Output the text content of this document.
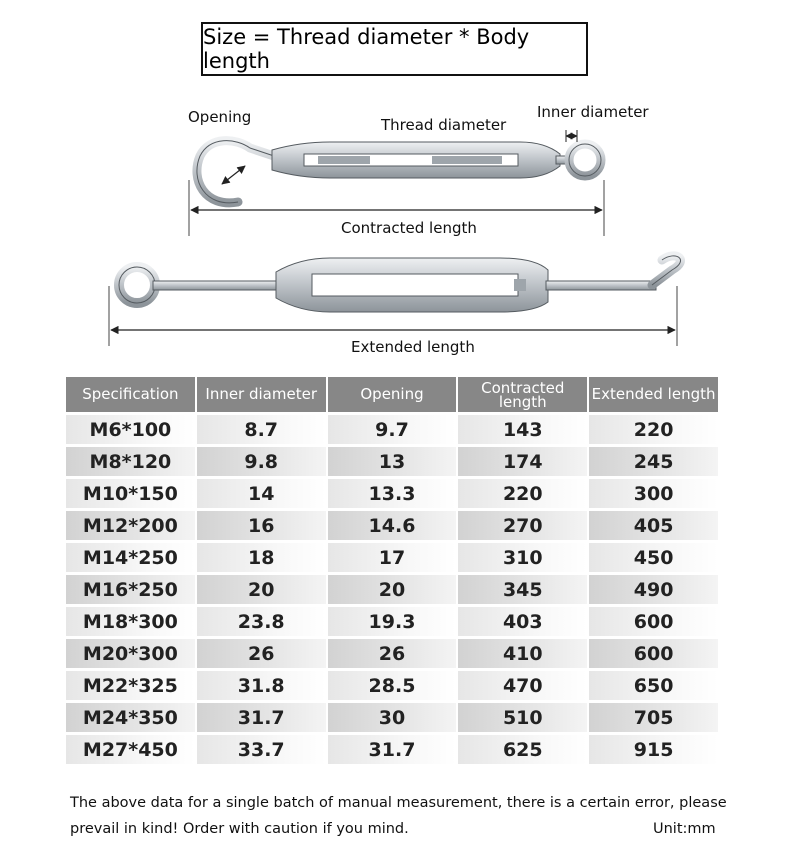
Size = Thread diameter * Body length
Opening	Thread diameter
Inner diameter
Contracted length
Extended length
Specification	Inner diameter	Opening	Contracted length	Extended length
M6*100	8.7	9.7	143	220
M8*120	9.8	13	174	245
M10*150	14	13.3	220	300
M12*200	16	14.6	270	405
M14*250	18	17	310	450
M16*250	20	20	345	490
M18*300	23.8	19.3	403	600
M20*300	26	26	410	600
M22*325	31.8	28.5	470	650
M24*350	31.7	30	510	705
M27*450	33.7	31.7	625	915
The above data for a single batch of manual measurement, there is a certain error, please
prevail in kind! Order with caution if you mind.	Unit:mm
